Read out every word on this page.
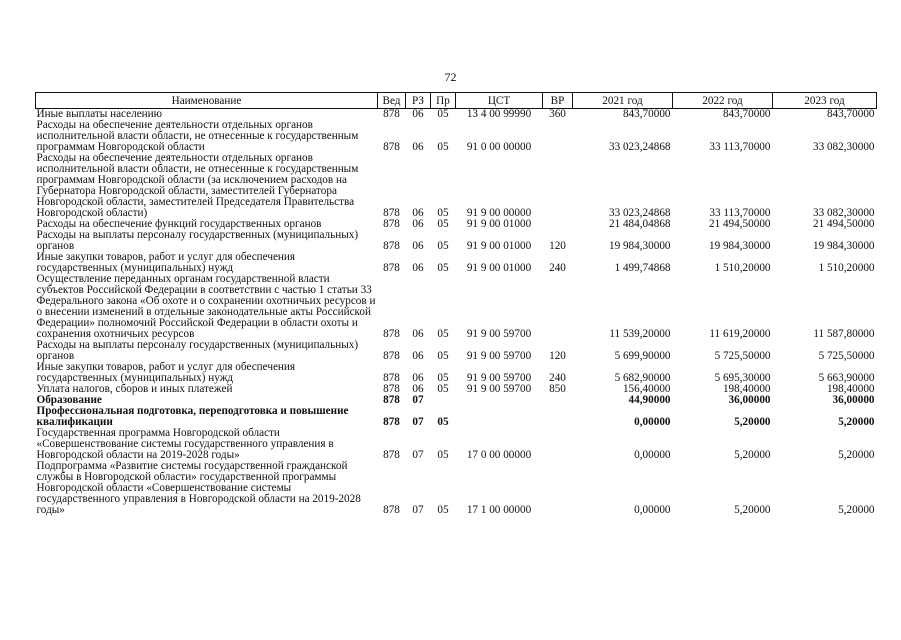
72
Наименование	Вед	РЗ	Пр	ЦСТ	ВР	2021 год	2022 год	2023 год
Иные выплаты населению	878	06	05	13 4 00 99990	360	843,70000	843,70000	843,70000
Расходы на обеспечение деятельности отдельных органов исполнительной власти области, не отнесенные к государственным программам Новгородской области	878	06	05	91 0 00 00000		33 023,24868	33 113,70000	33 082,30000
Расходы на обеспечение деятельности отдельных органов исполнительной власти области, не отнесенные к государственным программам Новгородской области (за исключением расходов на Губернатора Новгородской области, заместителей Губернатора Новгородской области, заместителей Председателя Правительства Новгородской области)	878	06	05	91 9 00 00000		33 023,24868	33 113,70000	33 082,30000
Расходы на обеспечение функций государственных органов	878	06	05	91 9 00 01000		21 484,04868	21 494,50000	21 494,50000
Расходы на выплаты персоналу государственных (муниципальных) органов	878	06	05	91 9 00 01000	120	19 984,30000	19 984,30000	19 984,30000
Иные закупки товаров, работ и услуг для обеспечения государственных (муниципальных) нужд	878	06	05	91 9 00 01000	240	1 499,74868	1 510,20000	1 510,20000
Осуществление переданных органам государственной власти субъектов Российской Федерации в соответствии с частью 1 статьи 33 Федерального закона «Об охоте и о сохранении охотничьих ресурсов и о внесении изменений в отдельные законодательные акты Российской Федерации» полномочий Российской Федерации в области охоты и сохранения охотничьих ресурсов	878	06	05	91 9 00 59700		11 539,20000	11 619,20000	11 587,80000
Расходы на выплаты персоналу государственных (муниципальных) органов	878	06	05	91 9 00 59700	120	5 699,90000	5 725,50000	5 725,50000
Иные закупки товаров, работ и услуг для обеспечения государственных (муниципальных) нужд	878	06	05	91 9 00 59700	240	5 682,90000	5 695,30000	5 663,90000
Уплата налогов, сборов и иных платежей	878	06	05	91 9 00 59700	850	156,40000	198,40000	198,40000
Образование	878	07				44,90000	36,00000	36,00000
Профессиональная подготовка, переподготовка и повышение квалификации	878	07	05			0,00000	5,20000	5,20000
Государственная программа Новгородской области «Совершенствование системы государственного управления в Новгородской области на 2019-2028 годы»	878	07	05	17 0 00 00000		0,00000	5,20000	5,20000
Подпрограмма «Развитие системы государственной гражданской службы в Новгородской области» государственной программы Новгородской области «Совершенствование системы государственного управления в Новгородской области на 2019-2028 годы»	878	07	05	17 1 00 00000		0,00000	5,20000	5,20000
